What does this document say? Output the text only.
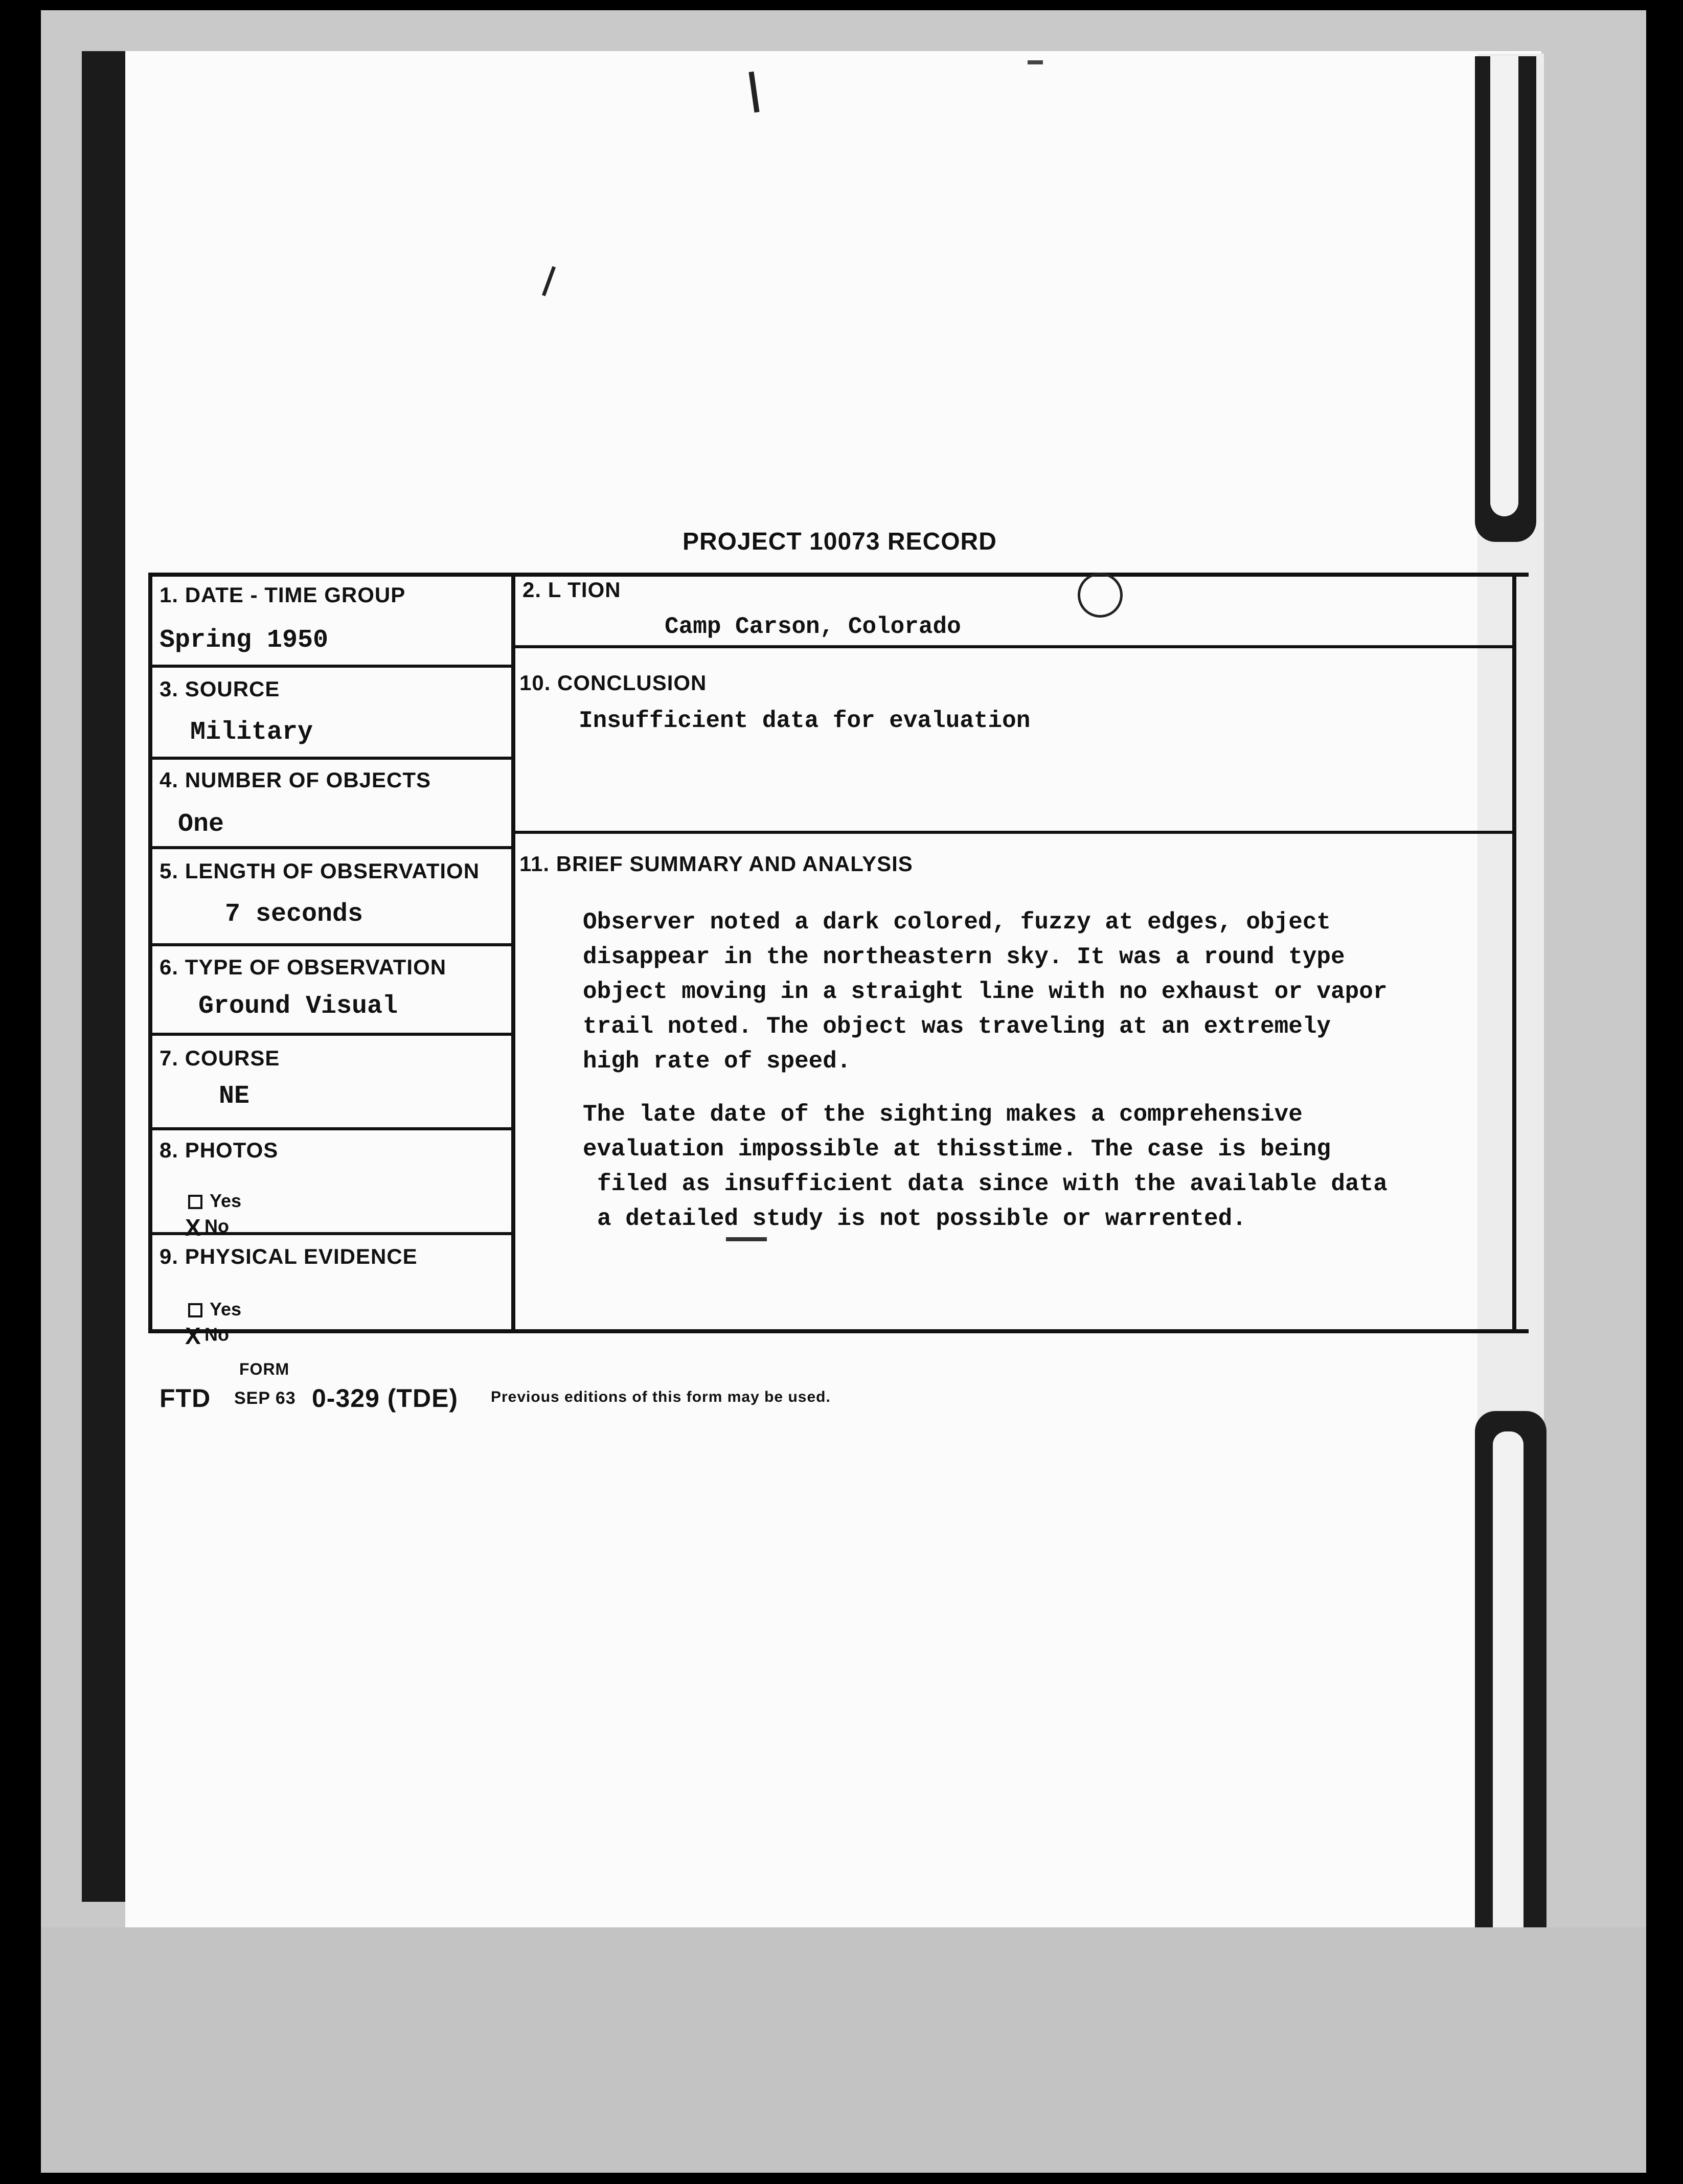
PROJECT 10073 RECORD
1. DATE - TIME GROUP
Spring 1950
3. SOURCE
Military
4. NUMBER OF OBJECTS
One
5. LENGTH OF OBSERVATION
7 seconds
6. TYPE OF OBSERVATION
Ground Visual
7. COURSE
NE
8. PHOTOS
Yes
X No
9. PHYSICAL EVIDENCE
Yes
X No
2. L TION
Camp Carson, Colorado
10. CONCLUSION
Insufficient data for evaluation
11. BRIEF SUMMARY AND ANALYSIS
Observer noted a dark colored, fuzzy at edges, object
disappear in the northeastern sky. It was a round type
object moving in a straight line with no exhaust or vapor
trail noted. The object was traveling at an extremely
high rate of speed.
The late date of the sighting makes a comprehensive
evaluation impossible at thisstime. The case is being
filed as insufficient data since with the available data
a detailed study is not possible or warrented.
FORM
FTD SEP 63 0-329 (TDE) Previous editions of this form may be used.
